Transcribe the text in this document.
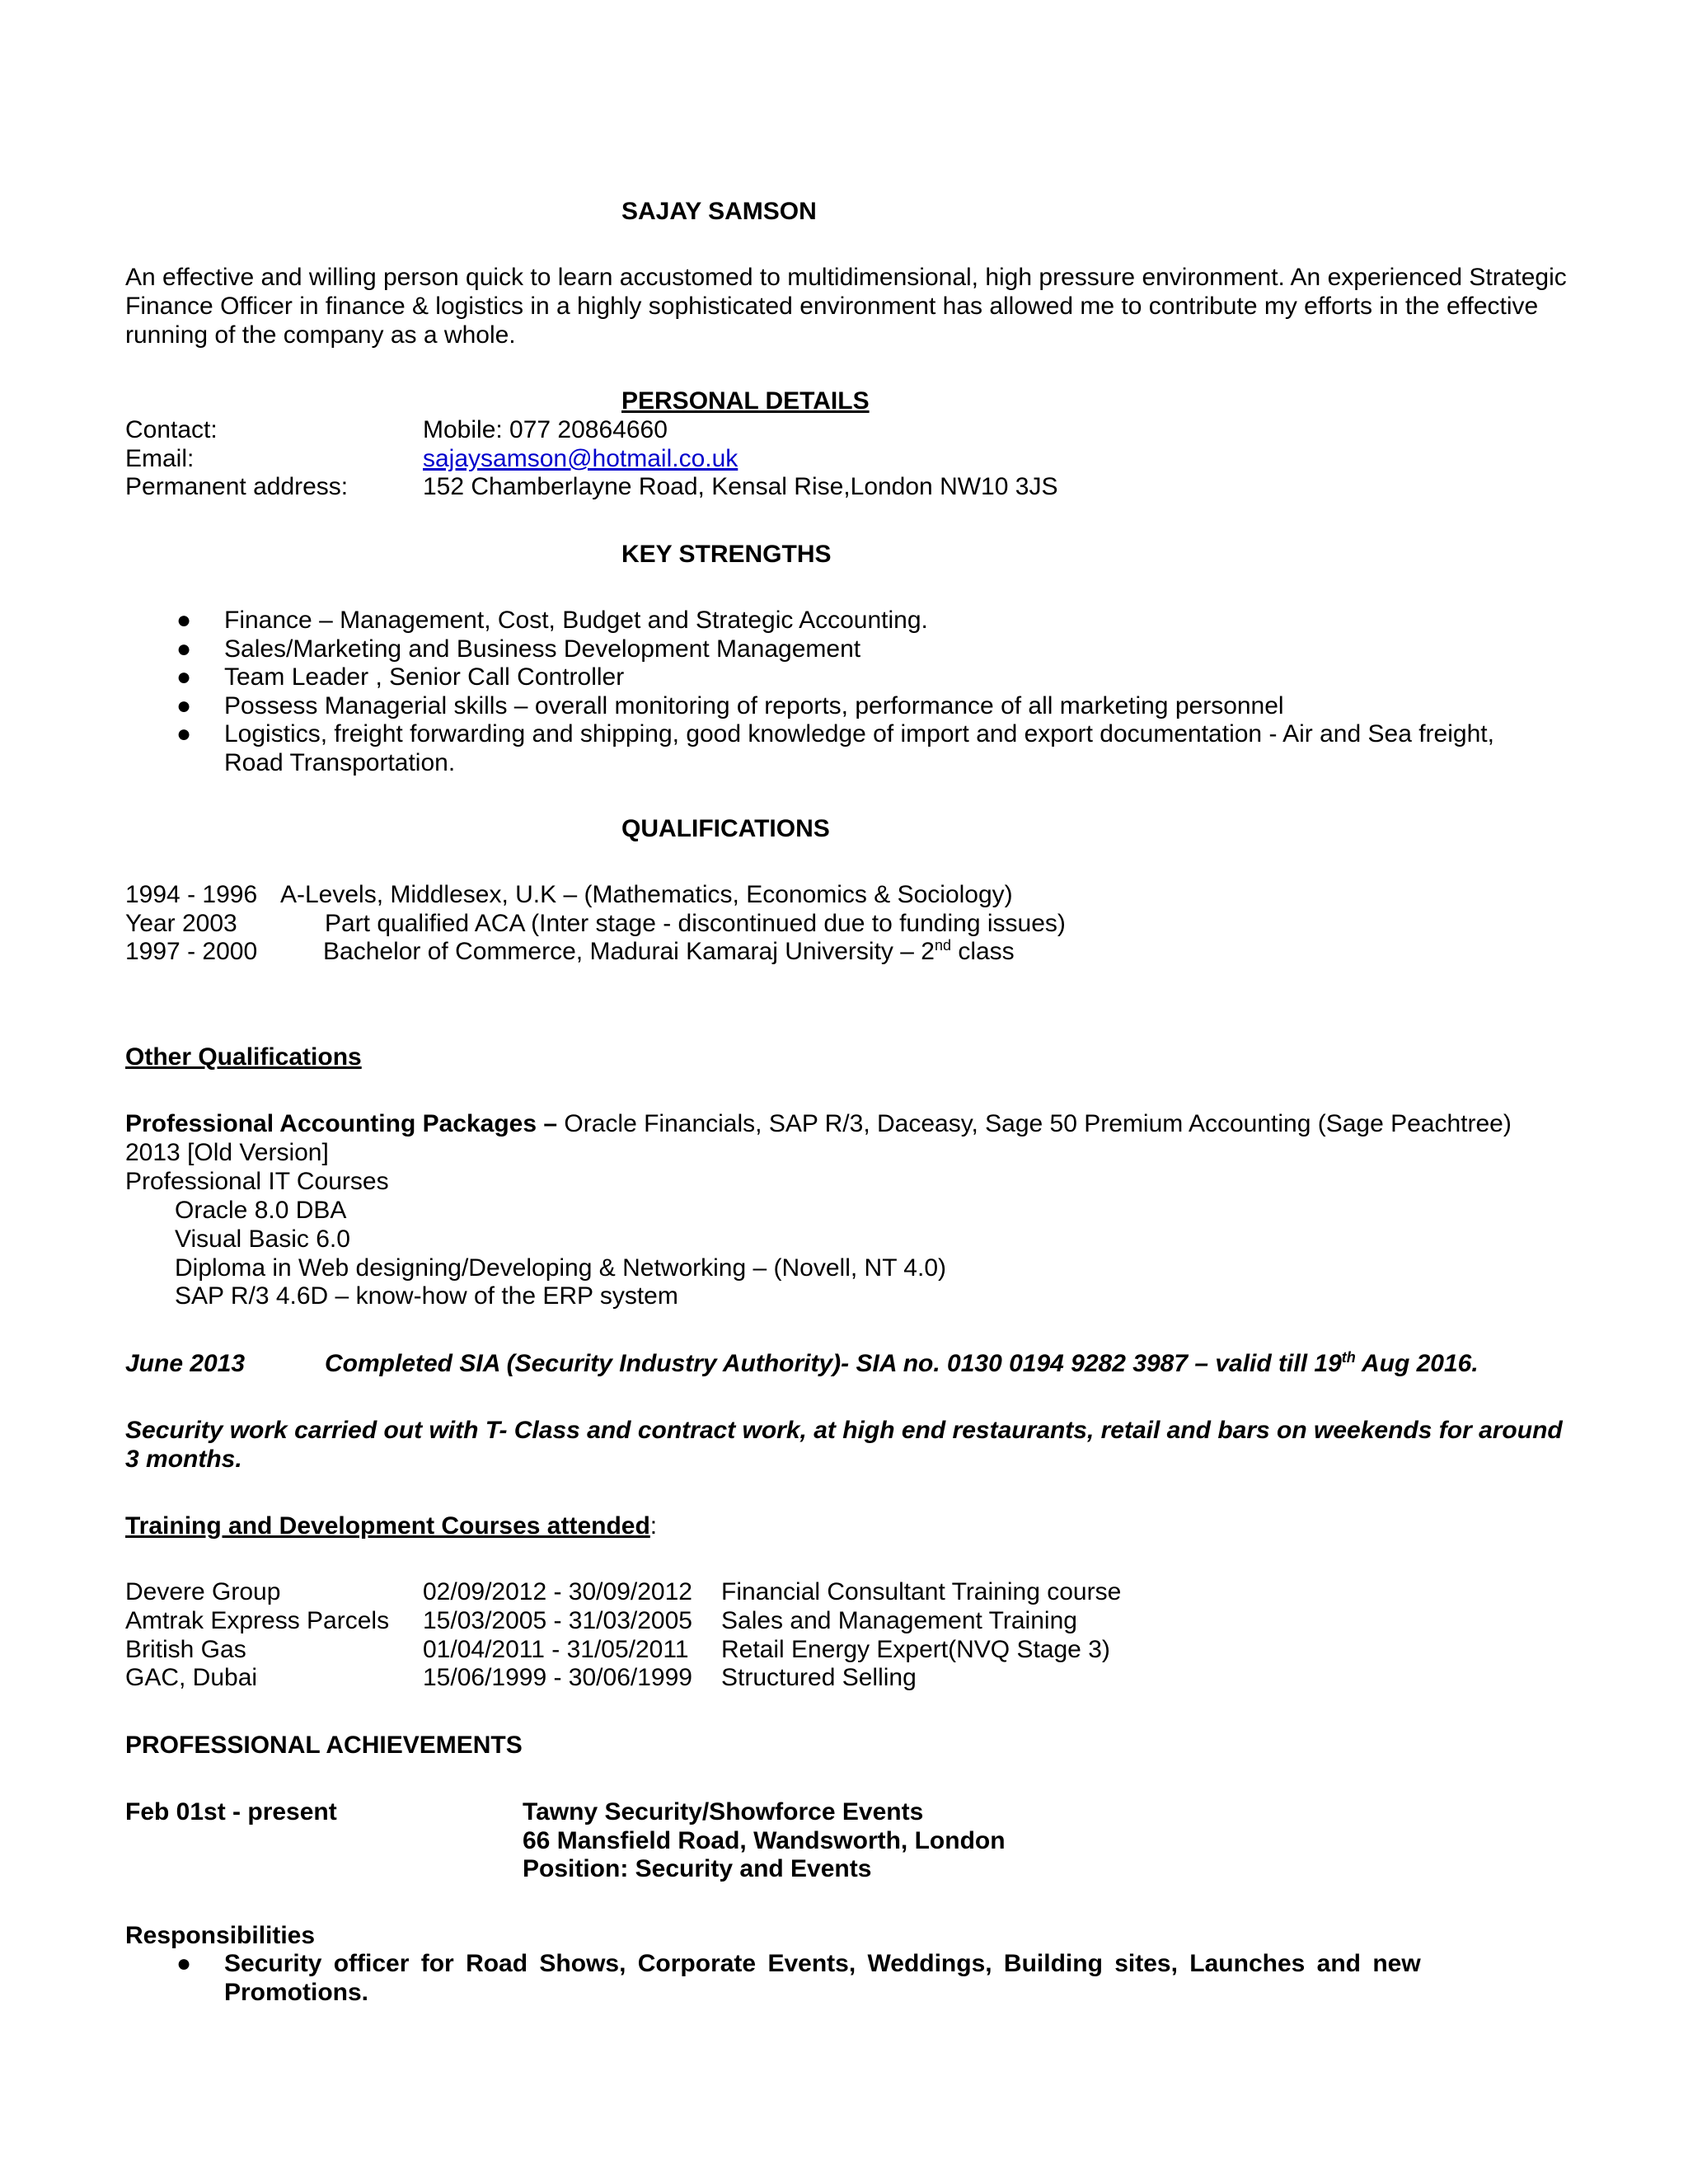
SAJAY SAMSON
An effective and willing person quick to learn accustomed to multidimensional, high pressure environment. An experienced Strategic Finance Officer in finance & logistics in a highly sophisticated environment has allowed me to contribute my efforts in the effective running of the company as a whole.
PERSONAL DETAILS
Contact:	Mobile: 077 20864660
Email:	sajaysamson@hotmail.co.uk
Permanent address:	152 Chamberlayne Road, Kensal Rise,London NW10 3JS
KEY STRENGTHS
● Finance – Management, Cost, Budget and Strategic Accounting.
● Sales/Marketing and Business Development Management
● Team Leader , Senior Call Controller
● Possess Managerial skills – overall monitoring of reports, performance of all marketing personnel
● Logistics, freight forwarding and shipping, good knowledge of import and export documentation - Air and Sea freight, Road Transportation.
QUALIFICATIONS
1994 - 1996 A-Levels, Middlesex, U.K – (Mathematics, Economics & Sociology)
Year 2003	Part qualified ACA (Inter stage - discontinued due to funding issues)
1997 - 2000	Bachelor of Commerce, Madurai Kamaraj University – 2nd class
Other Qualifications
Professional Accounting Packages – Oracle Financials, SAP R/3, Daceasy, Sage 50 Premium Accounting (Sage Peachtree)
2013 [Old Version]
Professional IT Courses
Oracle 8.0 DBA
Visual Basic 6.0
Diploma in Web designing/Developing & Networking – (Novell, NT 4.0)
SAP R/3 4.6D – know-how of the ERP system
June 2013	Completed SIA (Security Industry Authority)- SIA no. 0130 0194 9282 3987 – valid till 19th Aug 2016.
Security work carried out with T- Class and contract work, at high end restaurants, retail and bars on weekends for around 3 months.
Training and Development Courses attended:
Devere Group	02/09/2012 - 30/09/2012 Financial Consultant Training course
Amtrak Express Parcels 15/03/2005 - 31/03/2005 Sales and Management Training
British Gas	01/04/2011 - 31/05/2011 Retail Energy Expert(NVQ Stage 3)
GAC, Dubai	15/06/1999 - 30/06/1999 Structured Selling
PROFESSIONAL ACHIEVEMENTS
Feb 01st - present	Tawny Security/Showforce Events
66 Mansfield Road, Wandsworth, London
Position: Security and Events
Responsibilities
● Security officer for Road Shows, Corporate Events, Weddings, Building sites, Launches and new Promotions.
